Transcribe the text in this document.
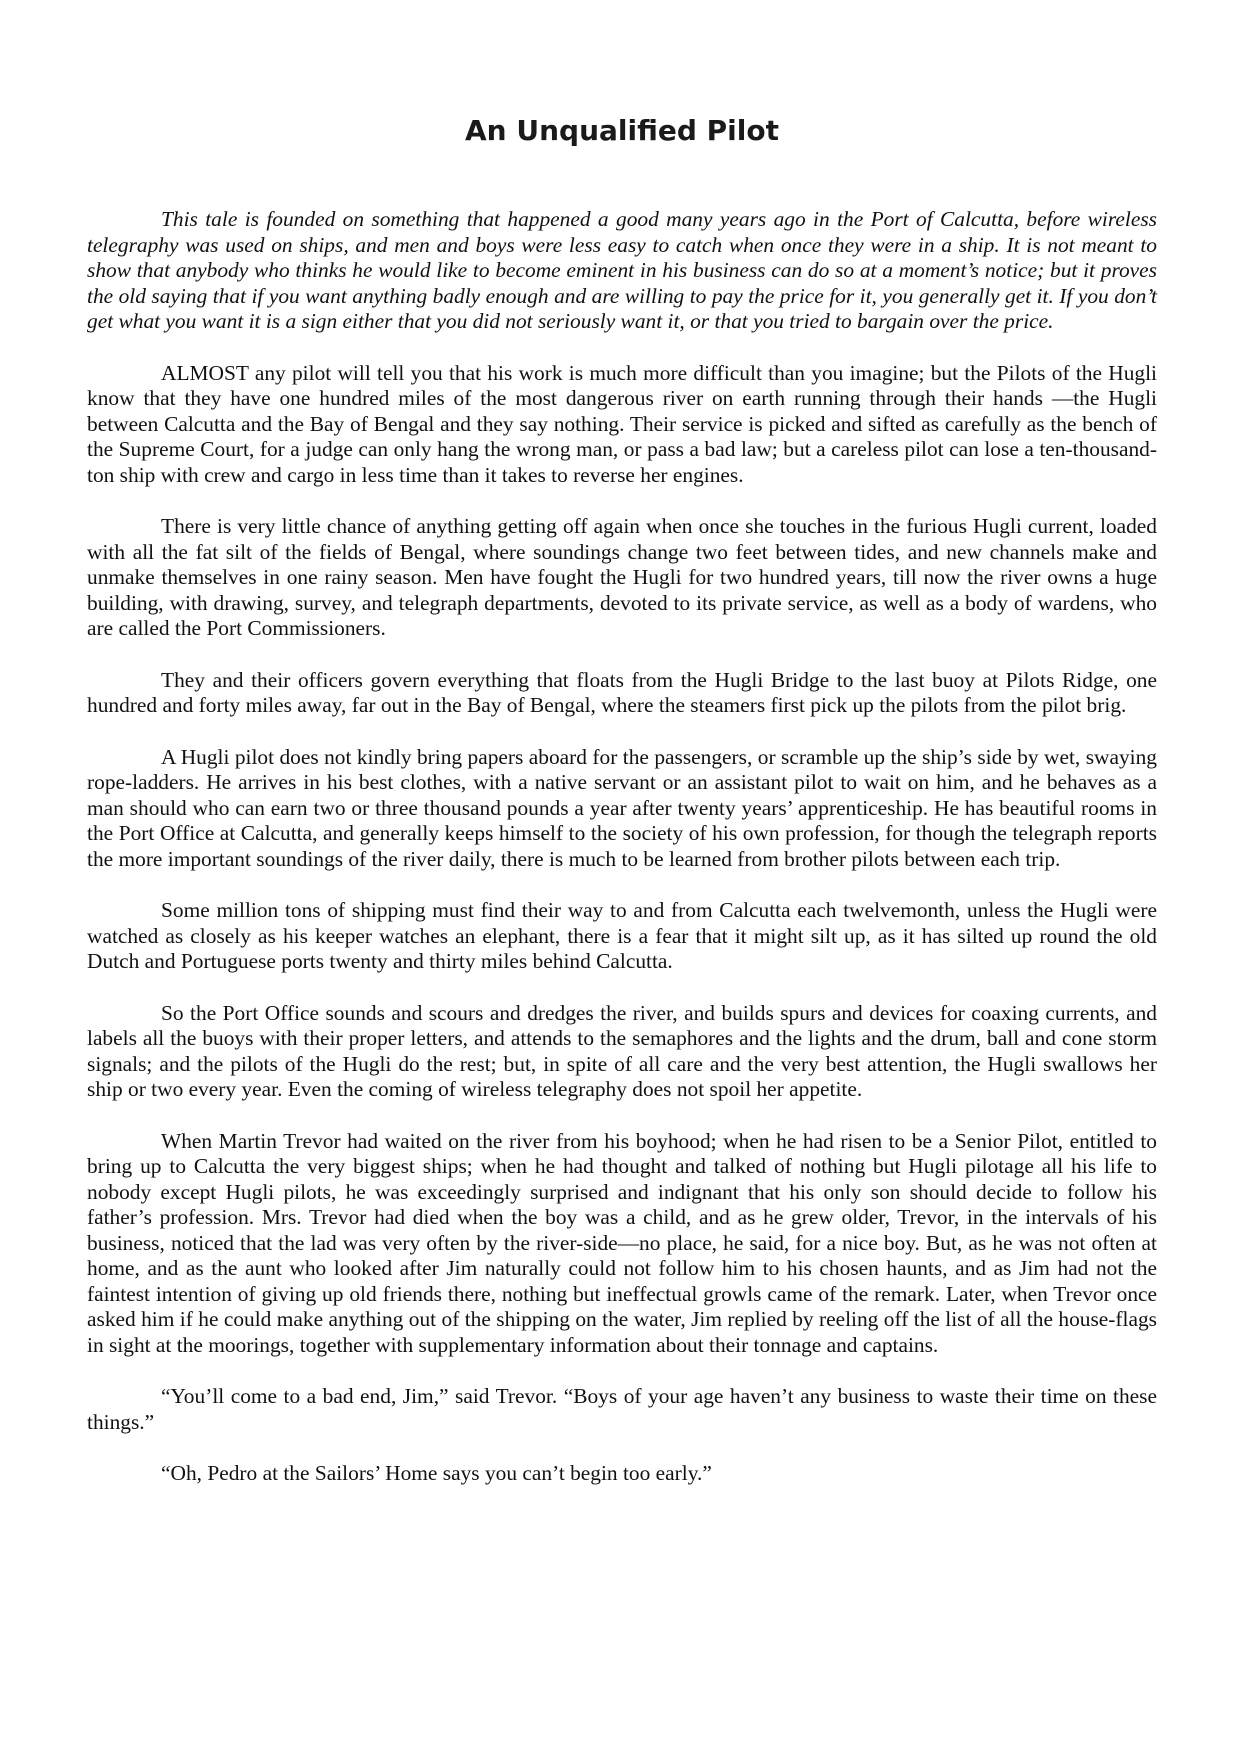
An Unqualified Pilot

This tale is founded on something that happened a good many years ago in the Port of Calcutta, before wireless telegraphy was used on ships, and men and boys were less easy to catch when once they were in a ship. It is not meant to show that anybody who thinks he would like to become eminent in his business can do so at a moment’s notice; but it proves the old saying that if you want anything badly enough and are willing to pay the price for it, you generally get it. If you don’t get what you want it is a sign either that you did not seriously want it, or that you tried to bargain over the price.

ALMOST any pilot will tell you that his work is much more difficult than you imagine; but the Pilots of the Hugli know that they have one hundred miles of the most dangerous river on earth running through their hands —the Hugli between Calcutta and the Bay of Bengal and they say nothing. Their service is picked and sifted as carefully as the bench of the Supreme Court, for a judge can only hang the wrong man, or pass a bad law; but a careless pilot can lose a ten-thousand-ton ship with crew and cargo in less time than it takes to reverse her engines.

There is very little chance of anything getting off again when once she touches in the furious Hugli current, loaded with all the fat silt of the fields of Bengal, where soundings change two feet between tides, and new channels make and unmake themselves in one rainy season. Men have fought the Hugli for two hundred years, till now the river owns a huge building, with drawing, survey, and telegraph departments, devoted to its private service, as well as a body of wardens, who are called the Port Commissioners.

They and their officers govern everything that floats from the Hugli Bridge to the last buoy at Pilots Ridge, one hundred and forty miles away, far out in the Bay of Bengal, where the steamers first pick up the pilots from the pilot brig.

A Hugli pilot does not kindly bring papers aboard for the passengers, or scramble up the ship’s side by wet, swaying rope-ladders. He arrives in his best clothes, with a native servant or an assistant pilot to wait on him, and he behaves as a man should who can earn two or three thousand pounds a year after twenty years’ apprenticeship. He has beautiful rooms in the Port Office at Calcutta, and generally keeps himself to the society of his own profession, for though the telegraph reports the more important soundings of the river daily, there is much to be learned from brother pilots between each trip.

Some million tons of shipping must find their way to and from Calcutta each twelvemonth, unless the Hugli were watched as closely as his keeper watches an elephant, there is a fear that it might silt up, as it has silted up round the old Dutch and Portuguese ports twenty and thirty miles behind Calcutta.

So the Port Office sounds and scours and dredges the river, and builds spurs and devices for coaxing currents, and labels all the buoys with their proper letters, and attends to the semaphores and the lights and the drum, ball and cone storm signals; and the pilots of the Hugli do the rest; but, in spite of all care and the very best attention, the Hugli swallows her ship or two every year. Even the coming of wireless telegraphy does not spoil her appetite.

When Martin Trevor had waited on the river from his boyhood; when he had risen to be a Senior Pilot, entitled to bring up to Calcutta the very biggest ships; when he had thought and talked of nothing but Hugli pilotage all his life to nobody except Hugli pilots, he was exceedingly surprised and indignant that his only son should decide to follow his father’s profession. Mrs. Trevor had died when the boy was a child, and as he grew older, Trevor, in the intervals of his business, noticed that the lad was very often by the river-side—no place, he said, for a nice boy. But, as he was not often at home, and as the aunt who looked after Jim naturally could not follow him to his chosen haunts, and as Jim had not the faintest intention of giving up old friends there, nothing but ineffectual growls came of the remark. Later, when Trevor once asked him if he could make anything out of the shipping on the water, Jim replied by reeling off the list of all the house-flags in sight at the moorings, together with supplementary information about their tonnage and captains.

“You’ll come to a bad end, Jim,” said Trevor. “Boys of your age haven’t any business to waste their time on these things.”

“Oh, Pedro at the Sailors’ Home says you can’t begin too early.”
